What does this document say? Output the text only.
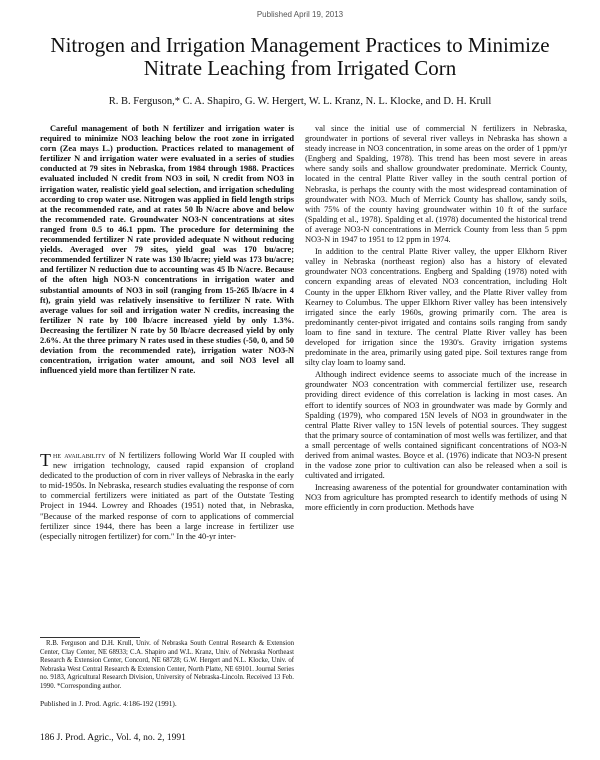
Published April 19, 2013
Nitrogen and Irrigation Management Practices to Minimize Nitrate Leaching from Irrigated Corn
R. B. Ferguson,* C. A. Shapiro, G. W. Hergert, W. L. Kranz, N. L. Klocke, and D. H. Krull

Careful management of both N fertilizer and irrigation water is required to minimize NO3 leaching below the root zone in irrigated corn (Zea mays L.) production. Practices related to management of fertilizer N and irrigation water were evaluated in a series of studies conducted at 79 sites in Nebraska, from 1984 through 1988. Practices evaluated included N credit from NO3 in soil, N credit from NO3 in irrigation water, realistic yield goal selection, and irrigation scheduling according to crop water use. Nitrogen was applied in field length strips at the recommended rate, and at rates 50 lb N/acre above and below the recommended rate. Groundwater NO3-N concentrations at sites ranged from 0.5 to 46.1 ppm. The procedure for determining the recommended fertilizer N rate provided adequate N without reducing yields. Averaged over 79 sites, yield goal was 170 bu/acre; recommended fertilizer N rate was 130 lb/acre; yield was 173 bu/acre; and fertilizer N reduction due to accounting was 45 lb N/acre. Because of the often high NO3-N concentrations in irrigation water and substantial amounts of NO3 in soil (ranging from 15-265 lb/acre in 4 ft), grain yield was relatively insensitive to fertilizer N rate. With average values for soil and irrigation water N credits, increasing the fertilizer N rate by 100 lb/acre increased yield by only 1.3%. Decreasing the fertilizer N rate by 50 lb/acre decreased yield by only 2.6%. At the three primary N rates used in these studies (-50, 0, and 50 deviation from the recommended rate), irrigation water NO3-N concentration, irrigation water amount, and soil NO3 level all influenced yield more than fertilizer N rate.

The availability of N fertilizers following World War II coupled with new irrigation technology, caused rapid expansion of cropland dedicated to the production of corn in river valleys of Nebraska in the early to mid-1950s. In Nebraska, research studies evaluating the response of corn to commercial fertilizers were initiated as part of the Outstate Testing Project in 1944. Lowrey and Rhoades (1951) noted that, in Nebraska, "Because of the marked response of corn to applications of commercial fertilizer since 1944, there has been a large increase in fertilizer use (especially nitrogen fertilizer) for corn." In the 40-yr inter-

R.B. Ferguson and D.H. Krull, Univ. of Nebraska South Central Research & Extension Center, Clay Center, NE 68933; C.A. Shapiro and W.L. Kranz, Univ. of Nebraska Northeast Research & Extension Center, Concord, NE 68728; G.W. Hergert and N.L. Klocke, Univ. of Nebraska West Central Research & Extension Center, North Platte, NE 69101. Journal Series no. 9183, Agricultural Research Division, University of Nebraska-Lincoln. Received 13 Feb. 1990. *Corresponding author.

Published in J. Prod. Agric. 4:186-192 (1991).

val since the initial use of commercial N fertilizers in Nebraska, groundwater in portions of several river valleys in Nebraska has shown a steady increase in NO3 concentration, in some areas on the order of 1 ppm/yr (Engberg and Spalding, 1978). This trend has been most severe in areas where sandy soils and shallow groundwater predominate. Merrick County, located in the central Platte River valley in the south central portion of Nebraska, is perhaps the county with the most widespread contamination of groundwater with NO3. Much of Merrick County has shallow, sandy soils, with 75% of the county having groundwater within 10 ft of the surface (Spalding et al., 1978). Spalding et al. (1978) documented the historical trend of average NO3-N concentrations in Merrick County from less than 5 ppm NO3-N in 1947 to 1951 to 12 ppm in 1974.

In addition to the central Platte River valley, the upper Elkhorn River valley in Nebraska (northeast region) also has a history of elevated groundwater NO3 concentrations. Engberg and Spalding (1978) noted with concern expanding areas of elevated NO3 concentration, including Holt County in the upper Elkhorn River valley, and the Platte River valley from Kearney to Columbus. The upper Elkhorn River valley has been intensively irrigated since the early 1960s, growing primarily corn. The area is predominantly center-pivot irrigated and contains soils ranging from sandy loam to fine sand in texture. The central Platte River valley has been developed for irrigation since the 1930's. Gravity irrigation systems predominate in the area, primarily using gated pipe. Soil textures range from silty clay loam to loamy sand.

Although indirect evidence seems to associate much of the increase in groundwater NO3 concentration with commercial fertilizer use, research providing direct evidence of this correlation is lacking in most cases. An effort to identify sources of NO3 in groundwater was made by Gormly and Spalding (1979), who compared 15N levels of NO3 in groundwater in the central Platte River valley to 15N levels of potential sources. They suggest that the primary source of contamination of most wells was fertilizer, and that a small percentage of wells contained significant concentrations of NO3-N derived from animal wastes. Boyce et al. (1976) indicate that NO3-N present in the vadose zone prior to cultivation can also be released when a soil is cultivated and irrigated.

Increasing awareness of the potential for groundwater contamination with NO3 from agriculture has prompted research to identify methods of using N more efficiently in corn production. Methods have

186 J. Prod. Agric., Vol. 4, no. 2, 1991
